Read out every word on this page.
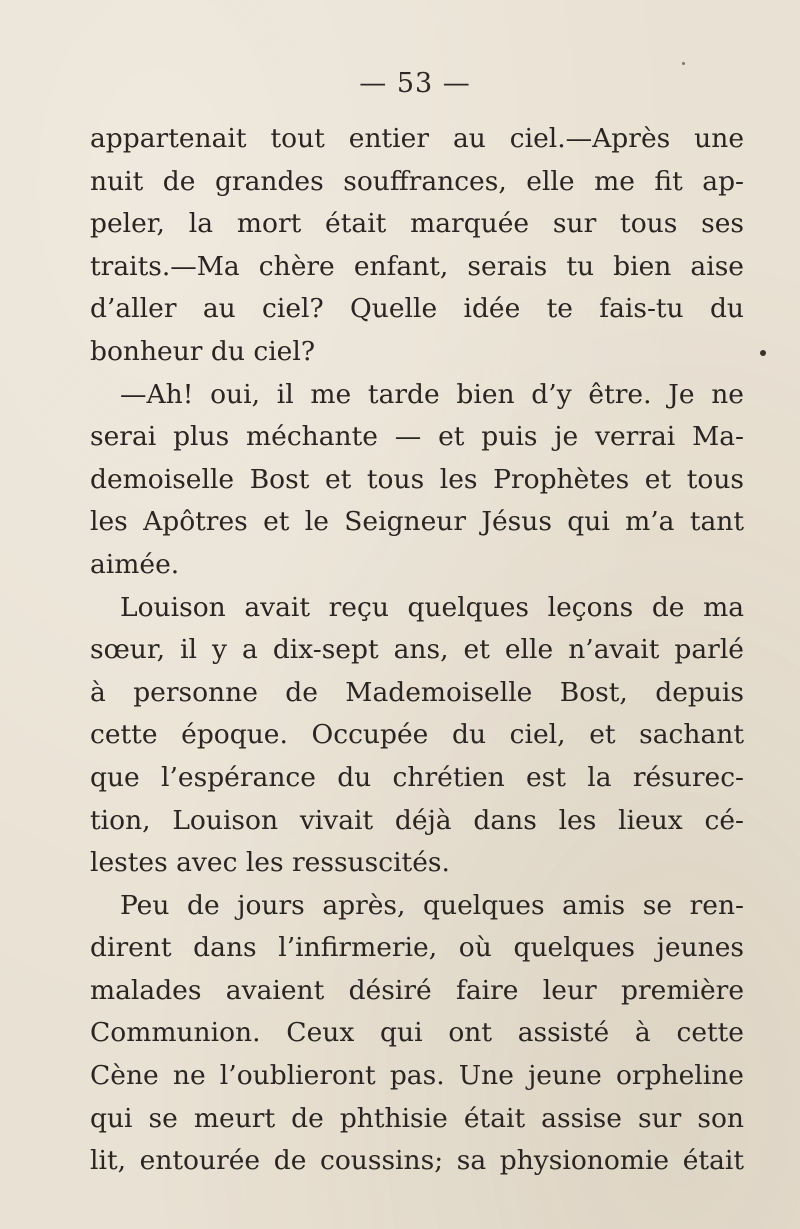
— 53 —
appartenait tout entier au ciel.—Après une
nuit de grandes souffrances, elle me fit ap-
peler, la mort était marquée sur tous ses
traits.—Ma chère enfant, serais tu bien aise
d’aller au ciel? Quelle idée te fais-tu du
bonheur du ciel?
—Ah! oui, il me tarde bien d’y être. Je ne
serai plus méchante — et puis je verrai Ma-
demoiselle Bost et tous les Prophètes et tous
les Apôtres et le Seigneur Jésus qui m’a tant
aimée.
Louison avait reçu quelques leçons de ma
sœur, il y a dix-sept ans, et elle n’avait parlé
à personne de Mademoiselle Bost, depuis
cette époque. Occupée du ciel, et sachant
que l’espérance du chrétien est la résurec-
tion, Louison vivait déjà dans les lieux cé-
lestes avec les ressuscités.
Peu de jours après, quelques amis se ren-
dirent dans l’infirmerie, où quelques jeunes
malades avaient désiré faire leur première
Communion. Ceux qui ont assisté à cette
Cène ne l’oublieront pas. Une jeune orpheline
qui se meurt de phthisie était assise sur son
lit, entourée de coussins; sa physionomie était
